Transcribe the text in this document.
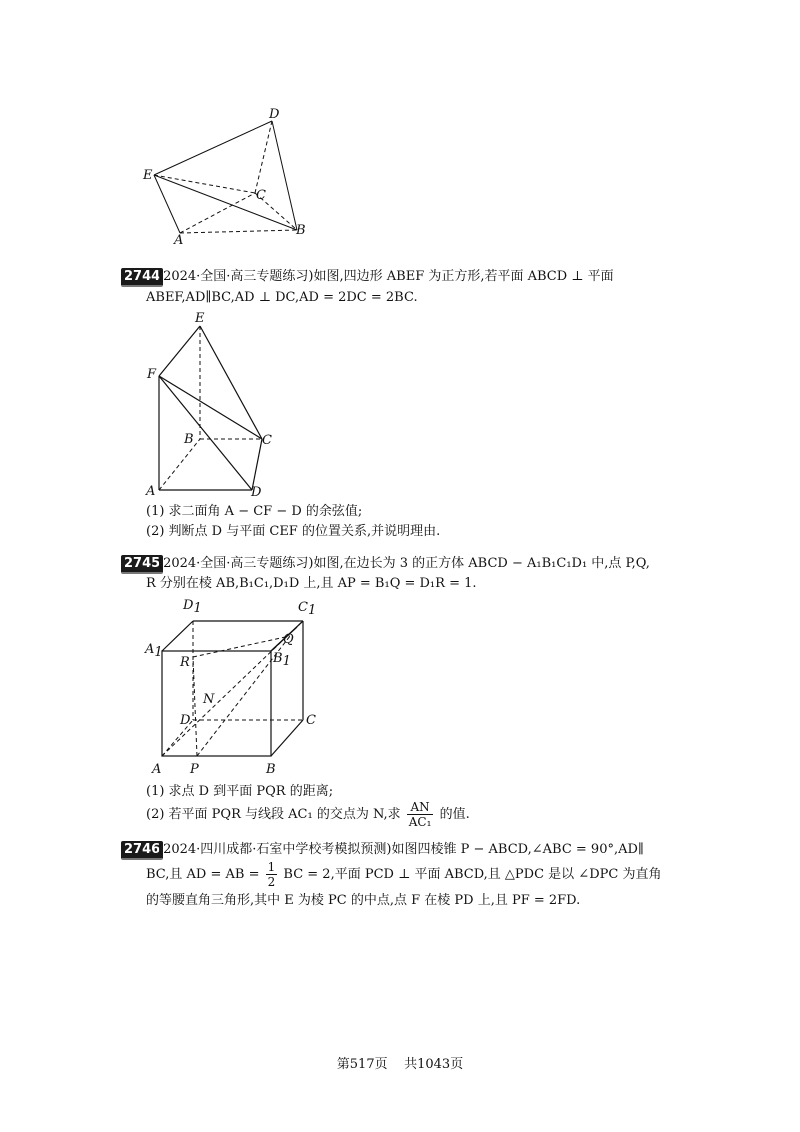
D
E
C
A
B
2744
(2024·全国·高三专题练习)如图,四边形 ABEF 为正方形,若平面 ABCD ⊥ 平面
ABEF,AD∥BC,AD ⊥ DC,AD = 2DC = 2BC.
E
F
B	C
A	D
(1) 求二面角 A − CF − D 的余弦值;
(2) 判断点 D 与平面 CEF 的位置关系,并说明理由.
2745
(2024·全国·高三专题练习)如图,在边长为 3 的正方体 ABCD − A₁B₁C₁D₁ 中,点 P,Q,
R 分别在棱 AB,B₁C₁,D₁D 上,且 AP = B₁Q = D₁R = 1.
D1	C1
A1	B1
Q
R
N
D	C
A P	B
(1) 求点 D 到平面 PQR 的距离;
(2) 若平面 PQR 与线段 AC₁ 的交点为 N,求 $\frac{AN}{\text{AC₁}}$ 的值.
2746
(2024·四川成都·石室中学校考模拟预测)如图四棱锥 P − ABCD,∠ABC = 90°,AD∥
BC,且 AD = AB = $\frac{1}{2}$ BC = 2,平面 PCD ⊥ 平面 ABCD,且 △PDC 是以 ∠DPC 为直角
的等腰直角三角形,其中 E 为棱 PC 的中点,点 F 在棱 PD 上,且 PF = 2FD.
第517页    共1043页
